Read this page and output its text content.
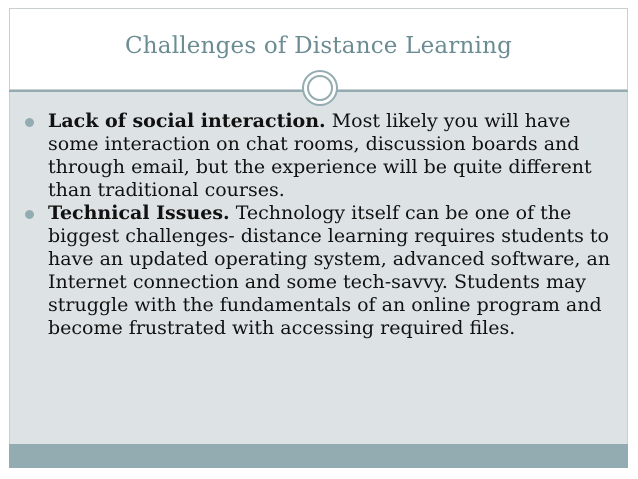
Challenges of Distance Learning
Lack of social interaction. Most likely you will have some interaction on chat rooms, discussion boards and through email, but the experience will be quite different than traditional courses.
Technical Issues. Technology itself can be one of the biggest challenges- distance learning requires students to have an updated operating system, advanced software, an Internet connection and some tech-savvy. Students may struggle with the fundamentals of an online program and become frustrated with accessing required files.
